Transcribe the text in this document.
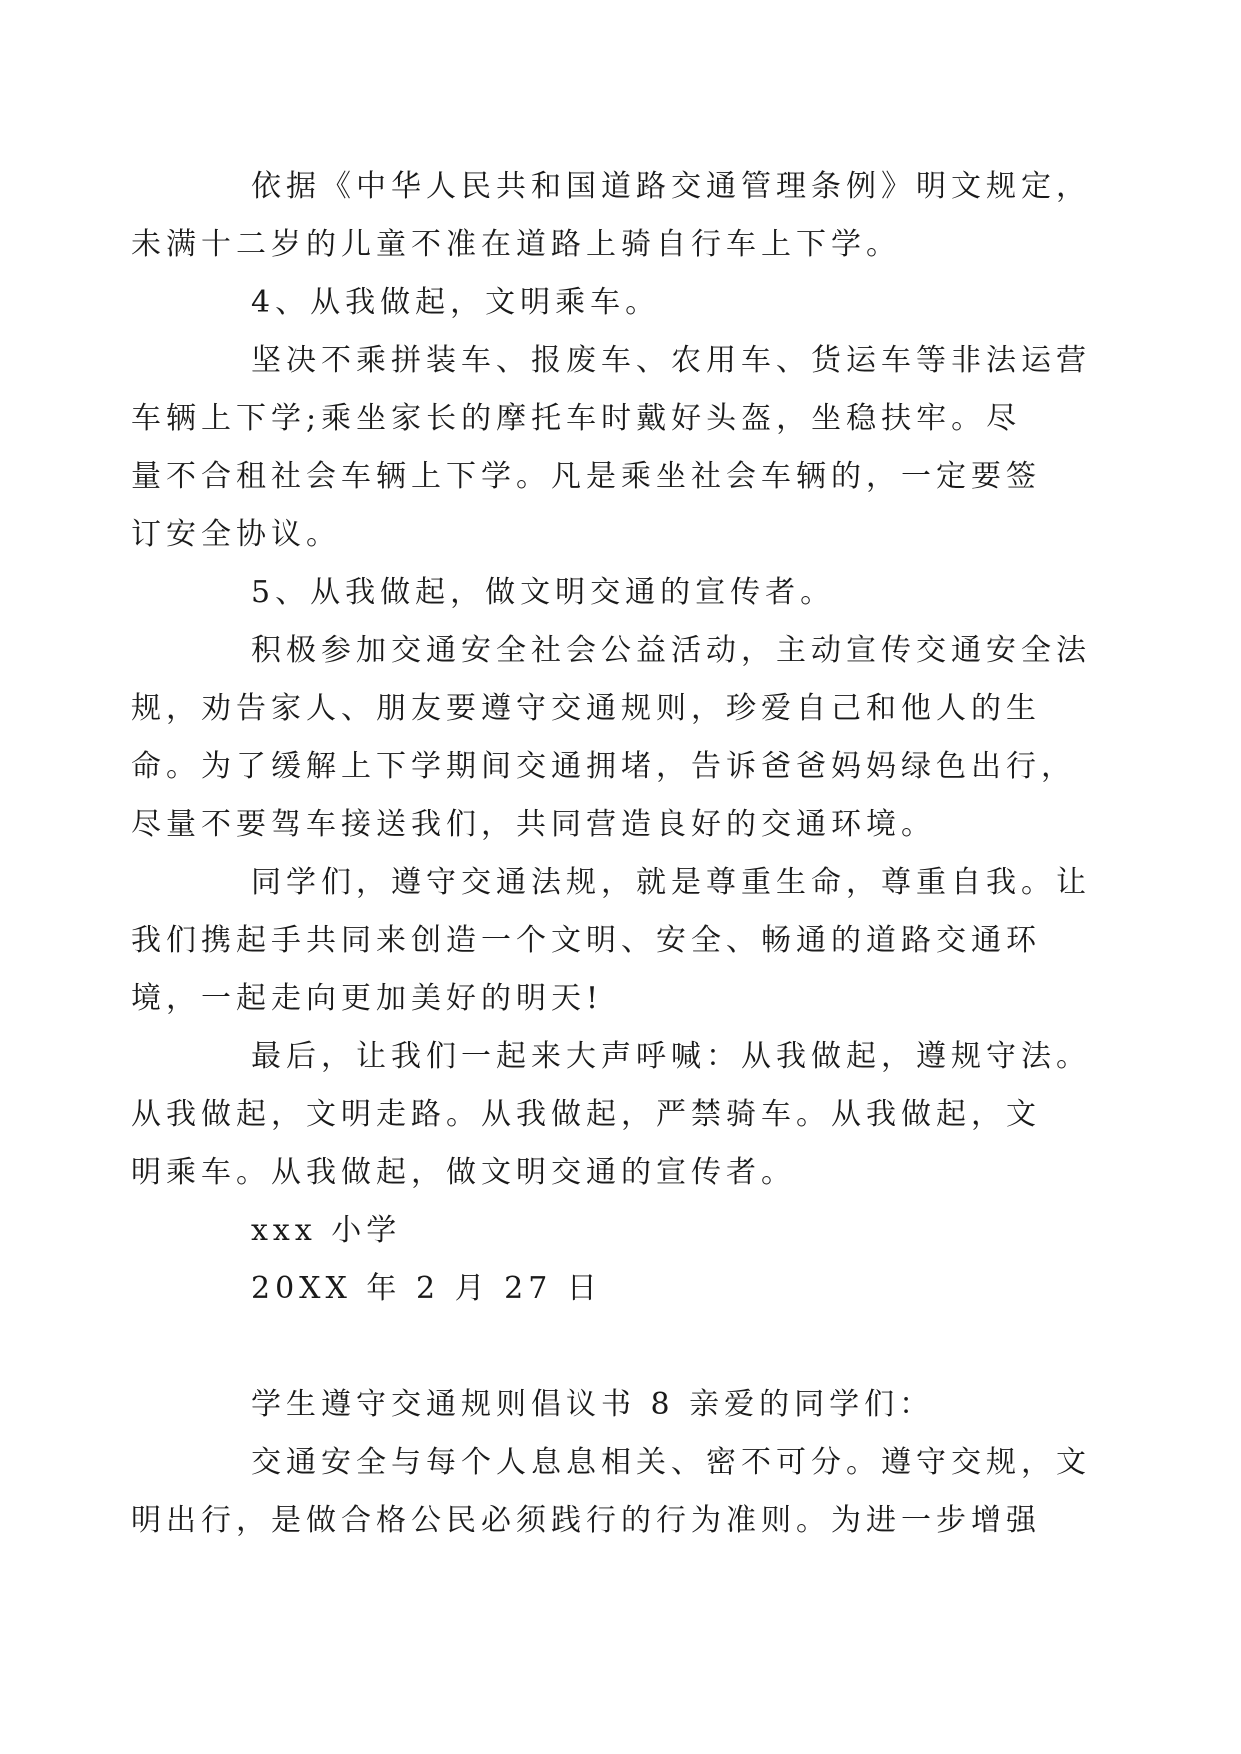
依据《中华人民共和国道路交通管理条例》明文规定，
未满十二岁的儿童不准在道路上骑自行车上下学。

4、从我做起，文明乘车。

坚决不乘拼装车、报废车、农用车、货运车等非法运营
车辆上下学;乘坐家长的摩托车时戴好头盔，坐稳扶牢。尽
量不合租社会车辆上下学。凡是乘坐社会车辆的，一定要签
订安全协议。

5、从我做起，做文明交通的宣传者。

积极参加交通安全社会公益活动，主动宣传交通安全法
规，劝告家人、朋友要遵守交通规则，珍爱自己和他人的生
命。为了缓解上下学期间交通拥堵，告诉爸爸妈妈绿色出行，
尽量不要驾车接送我们，共同营造良好的交通环境。

同学们，遵守交通法规，就是尊重生命，尊重自我。让
我们携起手共同来创造一个文明、安全、畅通的道路交通环
境，一起走向更加美好的明天!

最后，让我们一起来大声呼喊：从我做起，遵规守法。
从我做起，文明走路。从我做起，严禁骑车。从我做起，文
明乘车。从我做起，做文明交通的宣传者。

xxx 小学

20XX 年 2 月 27 日

学生遵守交通规则倡议书 8 亲爱的同学们：

交通安全与每个人息息相关、密不可分。遵守交规，文
明出行，是做合格公民必须践行的行为准则。为进一步增强
